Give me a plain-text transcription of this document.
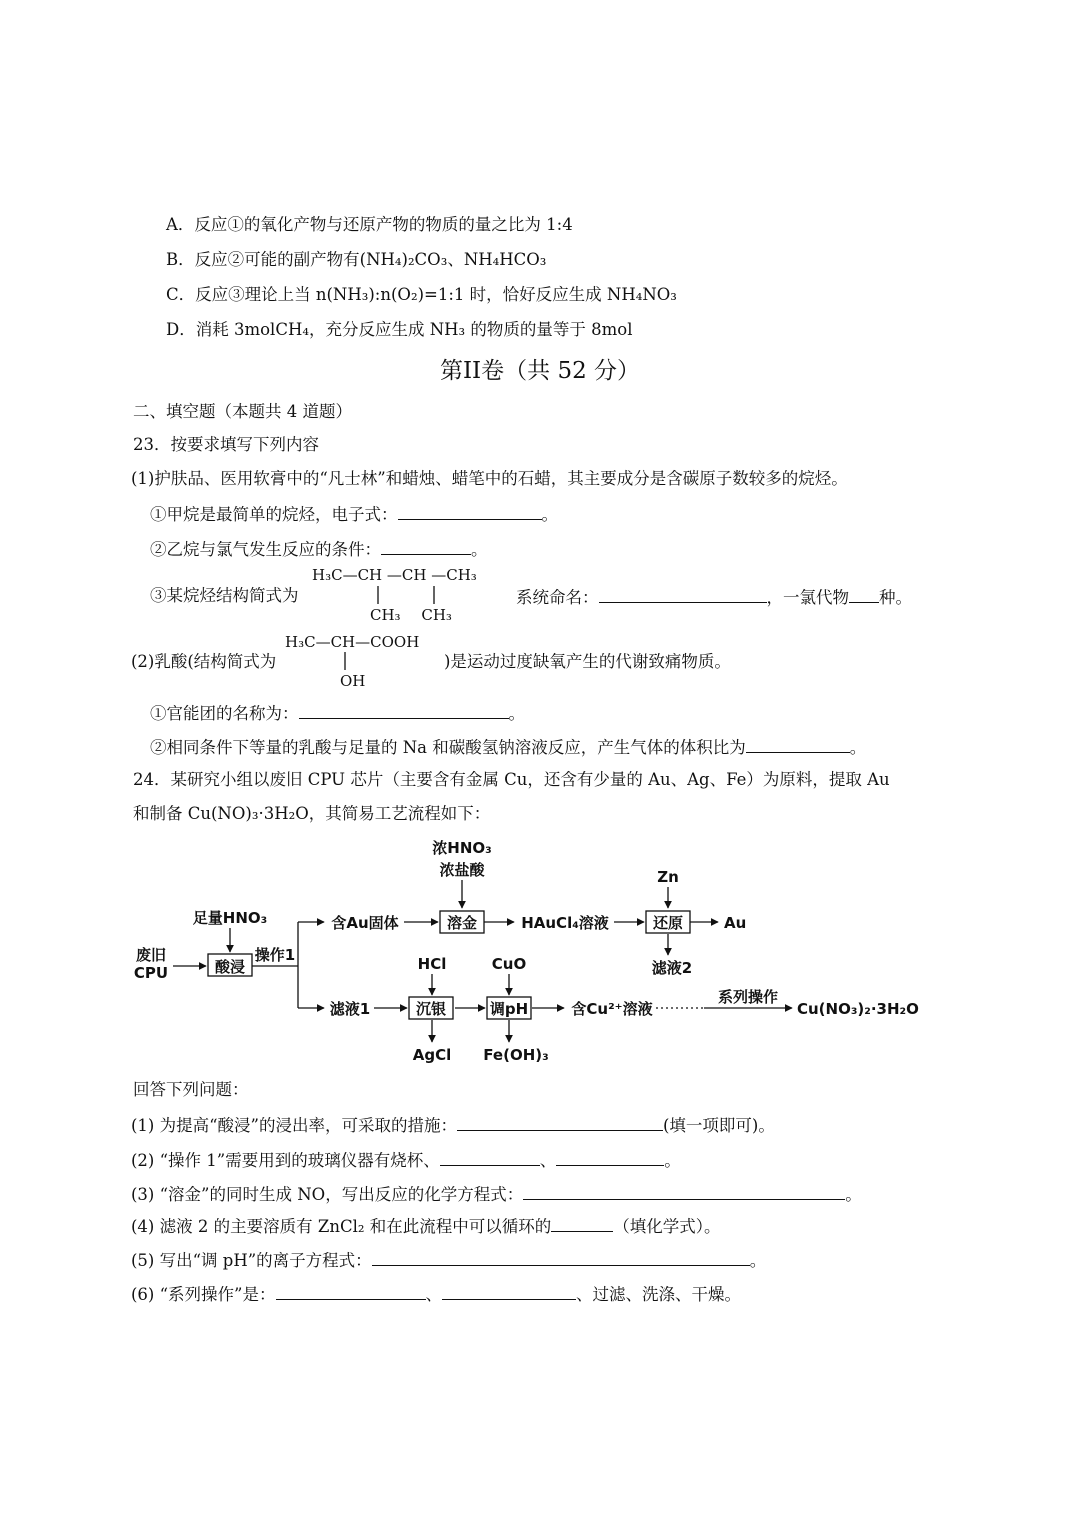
A．反应①的氧化产物与还原产物的物质的量之比为 1:4
B．反应②可能的副产物有(NH₄)₂CO₃、NH₄HCO₃
C．反应③理论上当 n(NH₃):n(O₂)=1:1 时，恰好反应生成 NH₄NO₃
D．消耗 3molCH₄，充分反应生成 NH₃ 的物质的量等于 8mol
第II卷（共 52 分）
二、填空题（本题共 4 道题）
23．按要求填写下列内容
(1)护肤品、医用软膏中的“凡士林”和蜡烛、蜡笔中的石蜡，其主要成分是含碳原子数较多的烷烃。
①甲烷是最简单的烷烃，电子式：	。
②乙烷与氯气发生反应的条件：	。
H₃C—CH —CH —CH₃
CH₃ CH₃
③某烷烃结构简式为	系统命名：	，一氯代物 种。
H₃C—CH—COOH
OH
(2)乳酸(结构简式为	)是运动过度缺氧产生的代谢致痛物质。
①官能团的名称为：	。
②相同条件下等量的乳酸与足量的 Na 和碳酸氢钠溶液反应，产生气体的体积比为	。
24．某研究小组以废旧 CPU 芯片（主要含有金属 Cu，还含有少量的 Au、Ag、Fe）为原料，提取 Au
和制备 Cu(NO)₃·3H₂O，其简易工艺流程如下：
浓HNO₃
浓盐酸	Zn
足量HNO₃	含Au固体	溶金	HAuCl₄溶液	还原	Au
废旧
CPU	酸浸
操作1
滤液2
HCl	CuO
滤液1	沉银	调pH	含Cu²⁺溶液
系列操作
Cu(NO₃)₂·3H₂O
AgCl Fe(OH)₃
回答下列问题：
(1) 为提高“酸浸”的浸出率，可采取的措施：	(填一项即可)。
(2) “操作 1”需要用到的玻璃仪器有烧杯、	、	。
(3) “溶金”的同时生成 NO，写出反应的化学方程式：	。
(4) 滤液 2 的主要溶质有 ZnCl₂ 和在此流程中可以循环的	（填化学式）。
(5) 写出“调 pH”的离子方程式：	。
(6) “系列操作”是：	、	、过滤、洗涤、干燥。
